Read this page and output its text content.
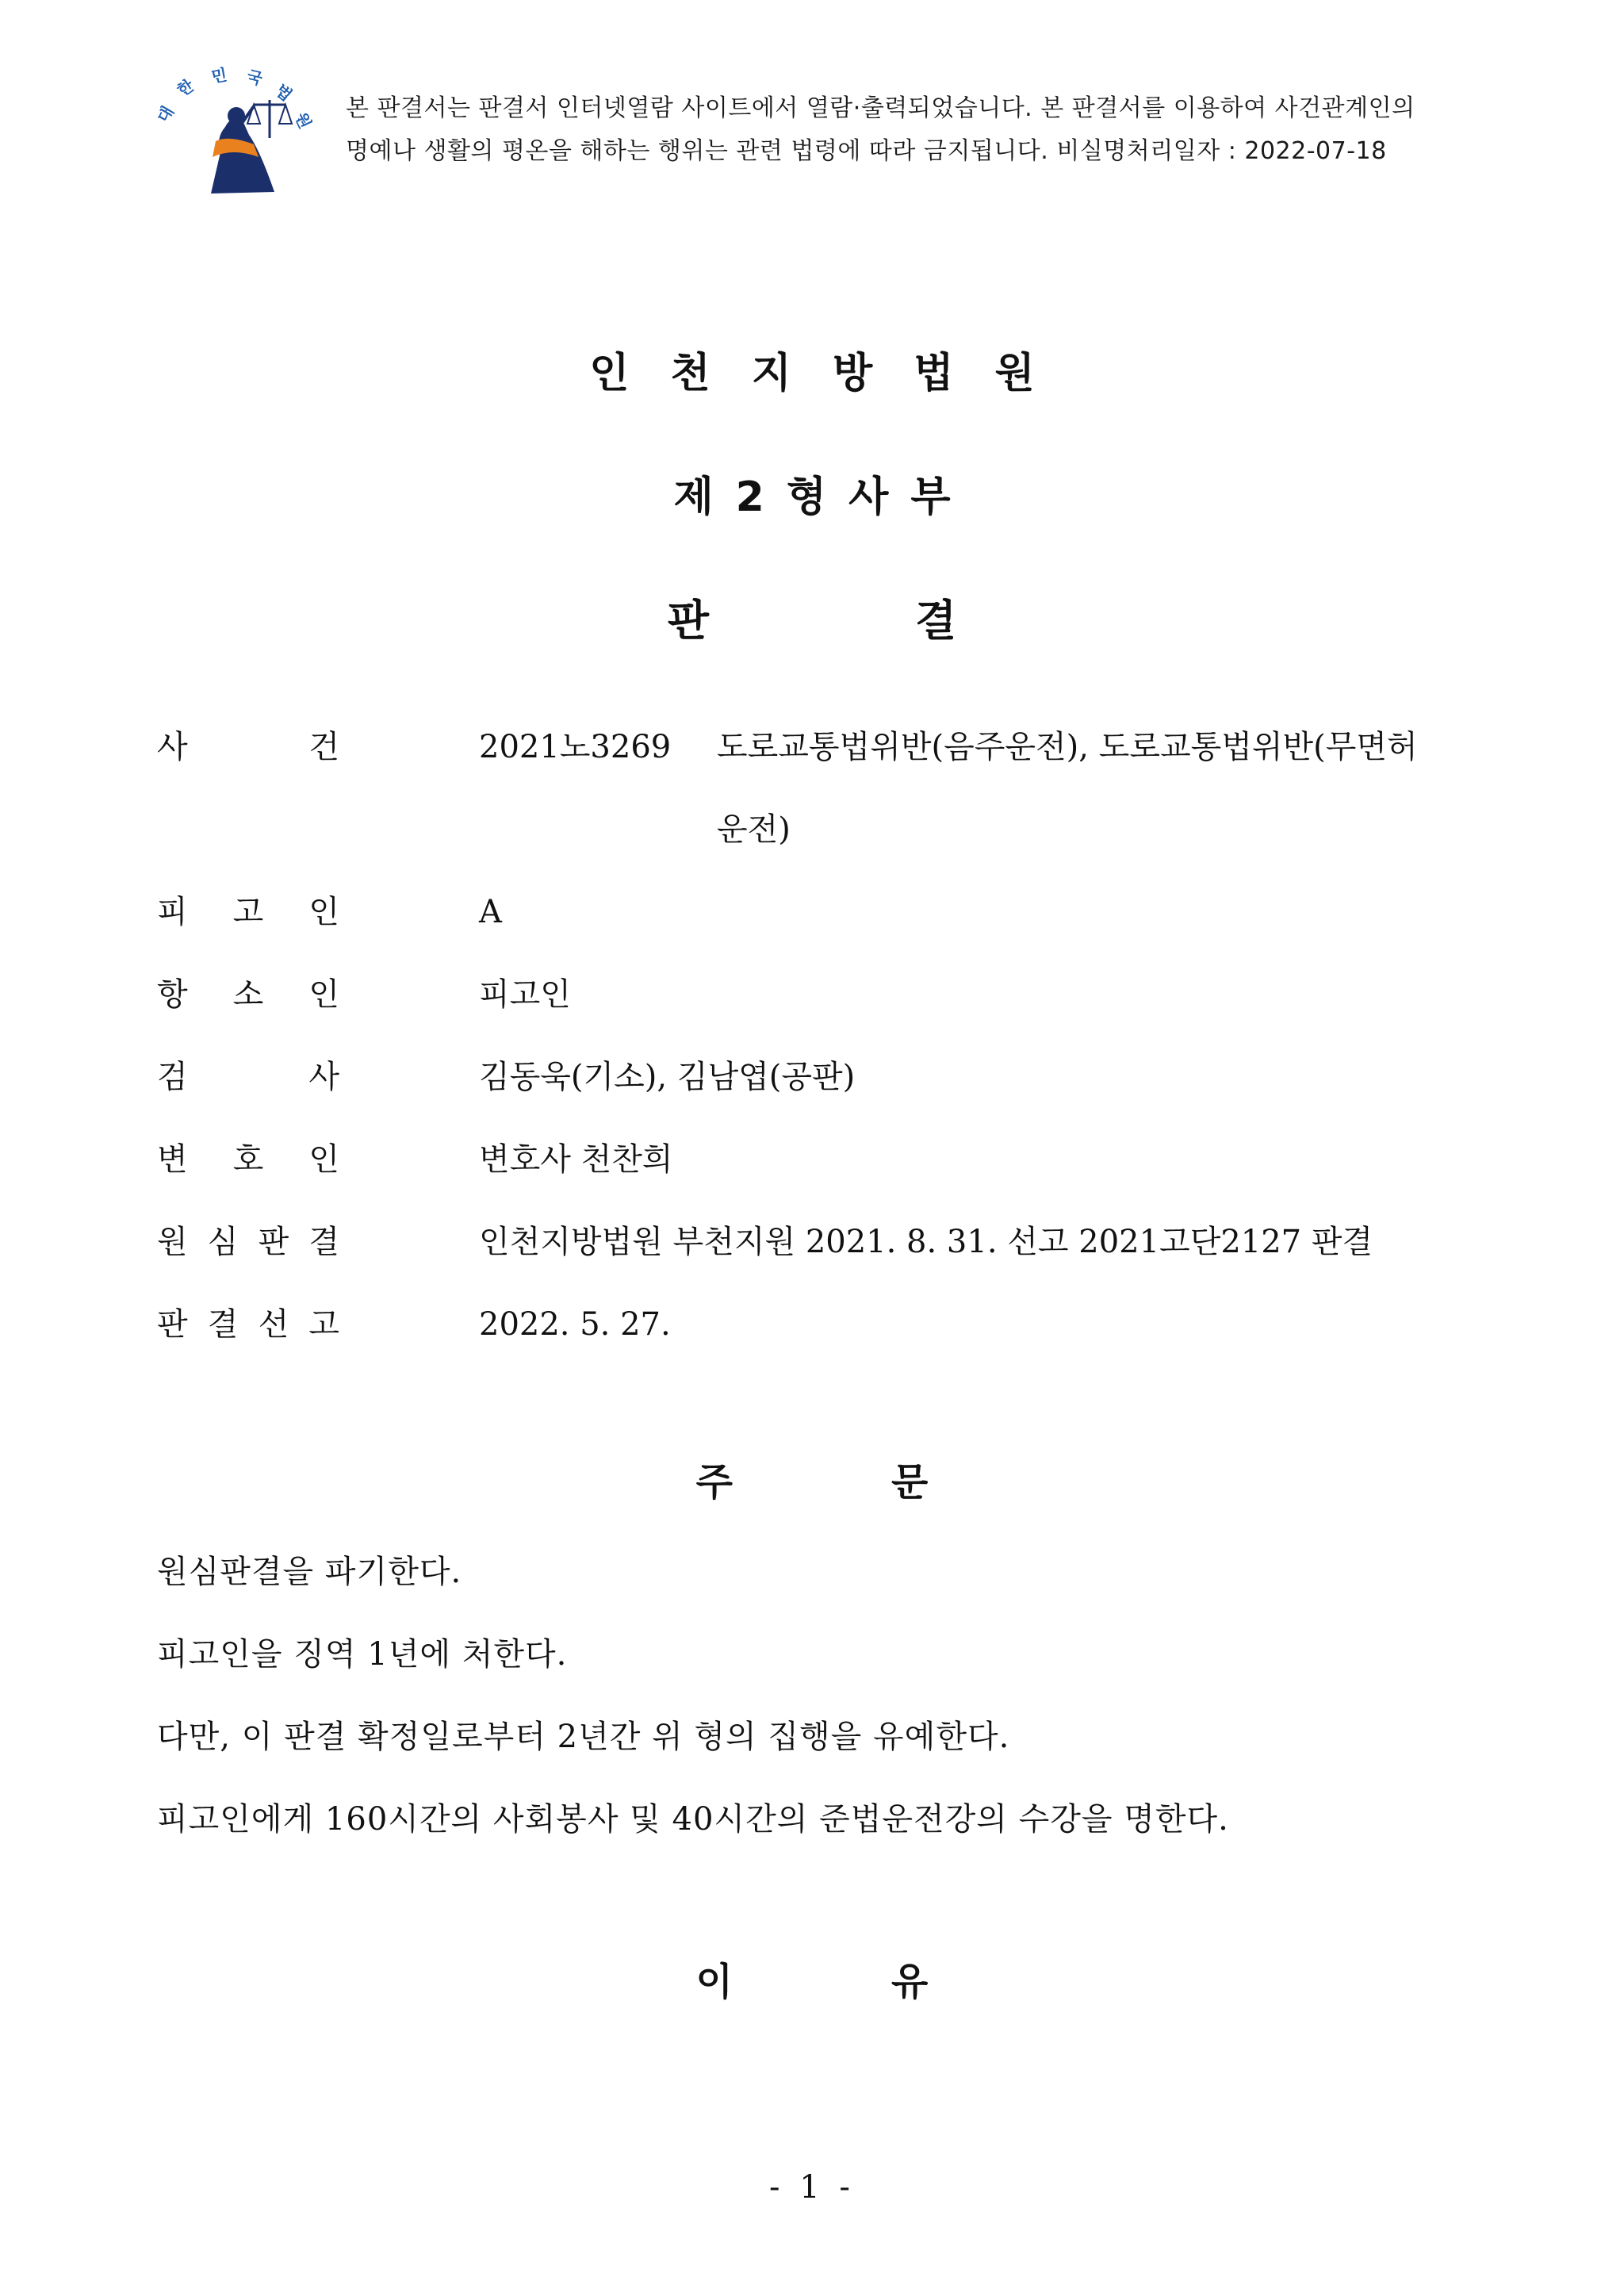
대
한 민 국
법
원 본 판결서는 판결서 인터넷열람 사이트에서 열람·출력되었습니다. 본 판결서를 이용하여 사건관계인의
명예나 생활의 평온을 해하는 행위는 관련 법령에 따라 금지됩니다. 비실명처리일자 : 2022-07-18
인 천 지 방 법 원
제 2 형 사 부
판	결
사	건	2021노3269 도로교통법위반(음주운전), 도로교통법위반(무면허
운전)
피 고 인	A
항 소 인	피고인
검	사	김동욱(기소), 김남엽(공판)
변 호 인	변호사 천찬희
원 심 판 결	인천지방법원 부천지원 2021. 8. 31. 선고 2021고단2127 판결
판 결 선 고	2022. 5. 27.
주	문
원심판결을 파기한다.
피고인을 징역 1년에 처한다.
다만, 이 판결 확정일로부터 2년간 위 형의 집행을 유예한다.
피고인에게 160시간의 사회봉사 및 40시간의 준법운전강의 수강을 명한다.
이	유
- 1 -
